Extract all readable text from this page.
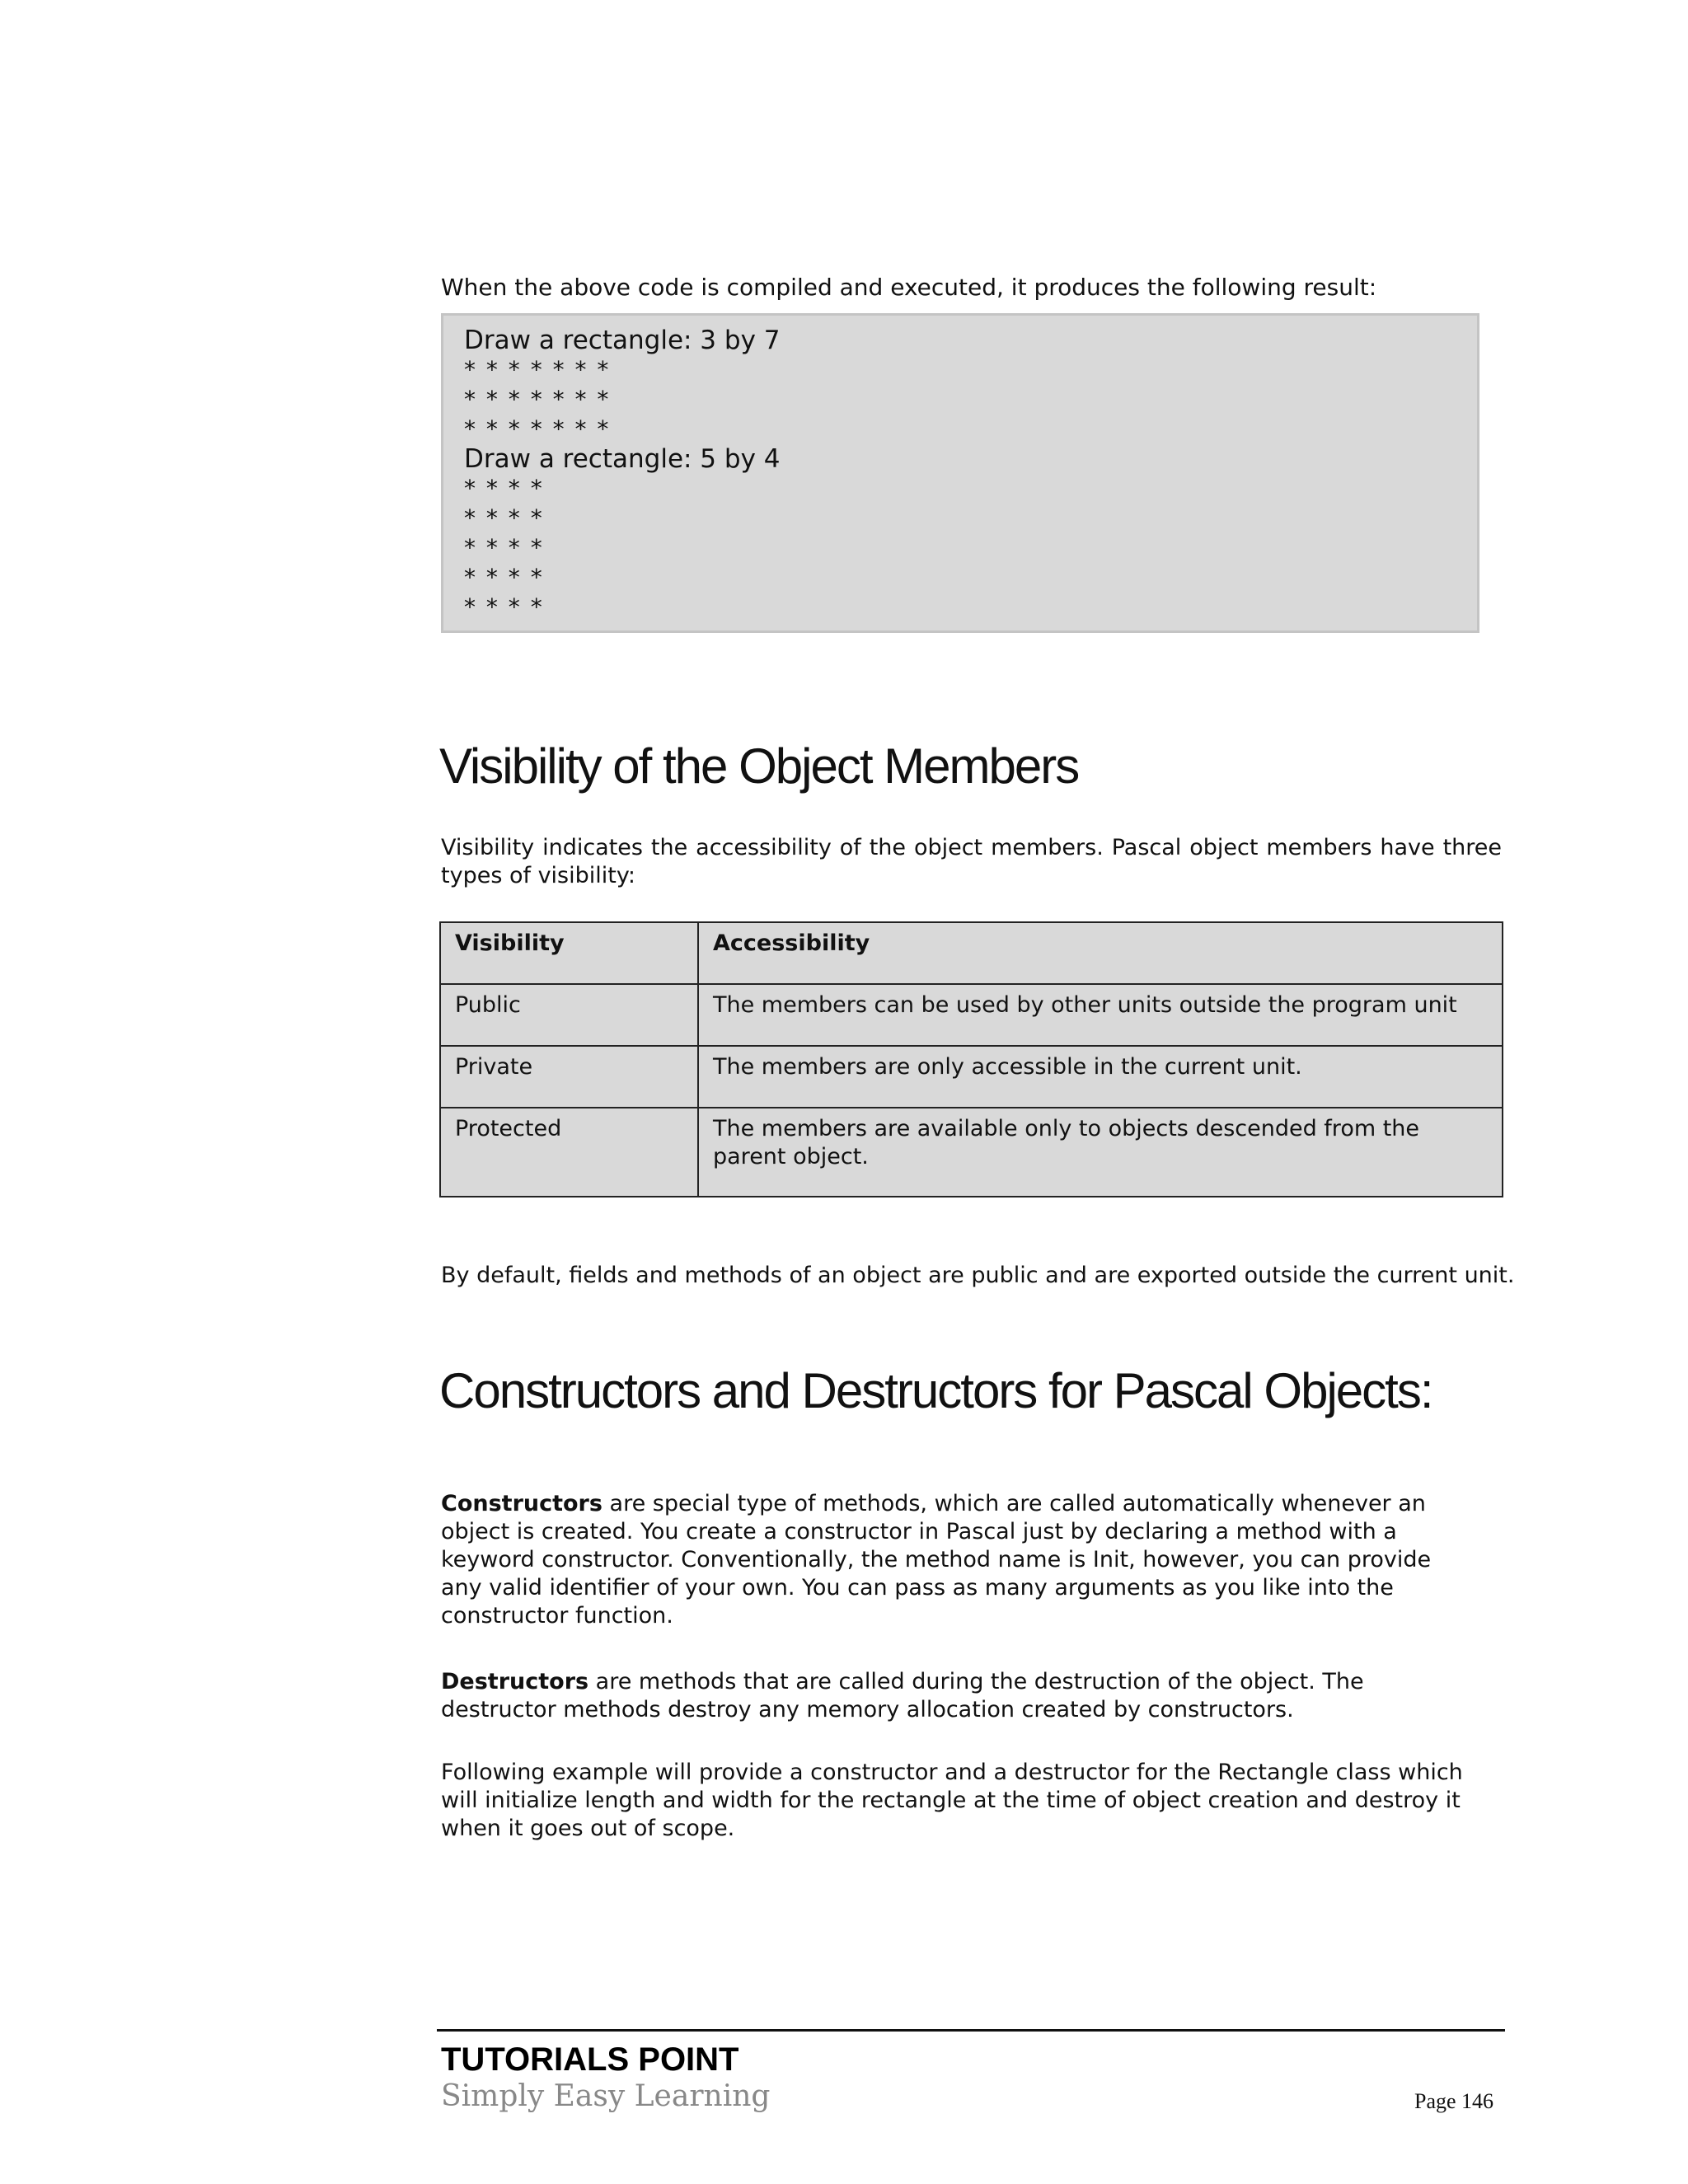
When the above code is compiled and executed, it produces the following result:
Draw a rectangle: 3 by 7
* * * * * * *
* * * * * * *
* * * * * * *
Draw a rectangle: 5 by 4
* * * *
* * * *
* * * *
* * * *
* * * *
Visibility of the Object Members
Visibility indicates the accessibility of the object members. Pascal object members have three types of visibility:
Visibility	Accessibility
Public	The members can be used by other units outside the program unit
Private	The members are only accessible in the current unit.
Protected	The members are available only to objects descended from the parent object.
By default, fields and methods of an object are public and are exported outside the current unit.
Constructors and Destructors for Pascal Objects:
Constructors are special type of methods, which are called automatically whenever an object is created. You create a constructor in Pascal just by declaring a method with a keyword constructor. Conventionally, the method name is Init, however, you can provide any valid identifier of your own. You can pass as many arguments as you like into the constructor function.
Destructors are methods that are called during the destruction of the object. The destructor methods destroy any memory allocation created by constructors.
Following example will provide a constructor and a destructor for the Rectangle class which will initialize length and width for the rectangle at the time of object creation and destroy it when it goes out of scope.
TUTORIALS POINT
Simply Easy Learning	Page 146
